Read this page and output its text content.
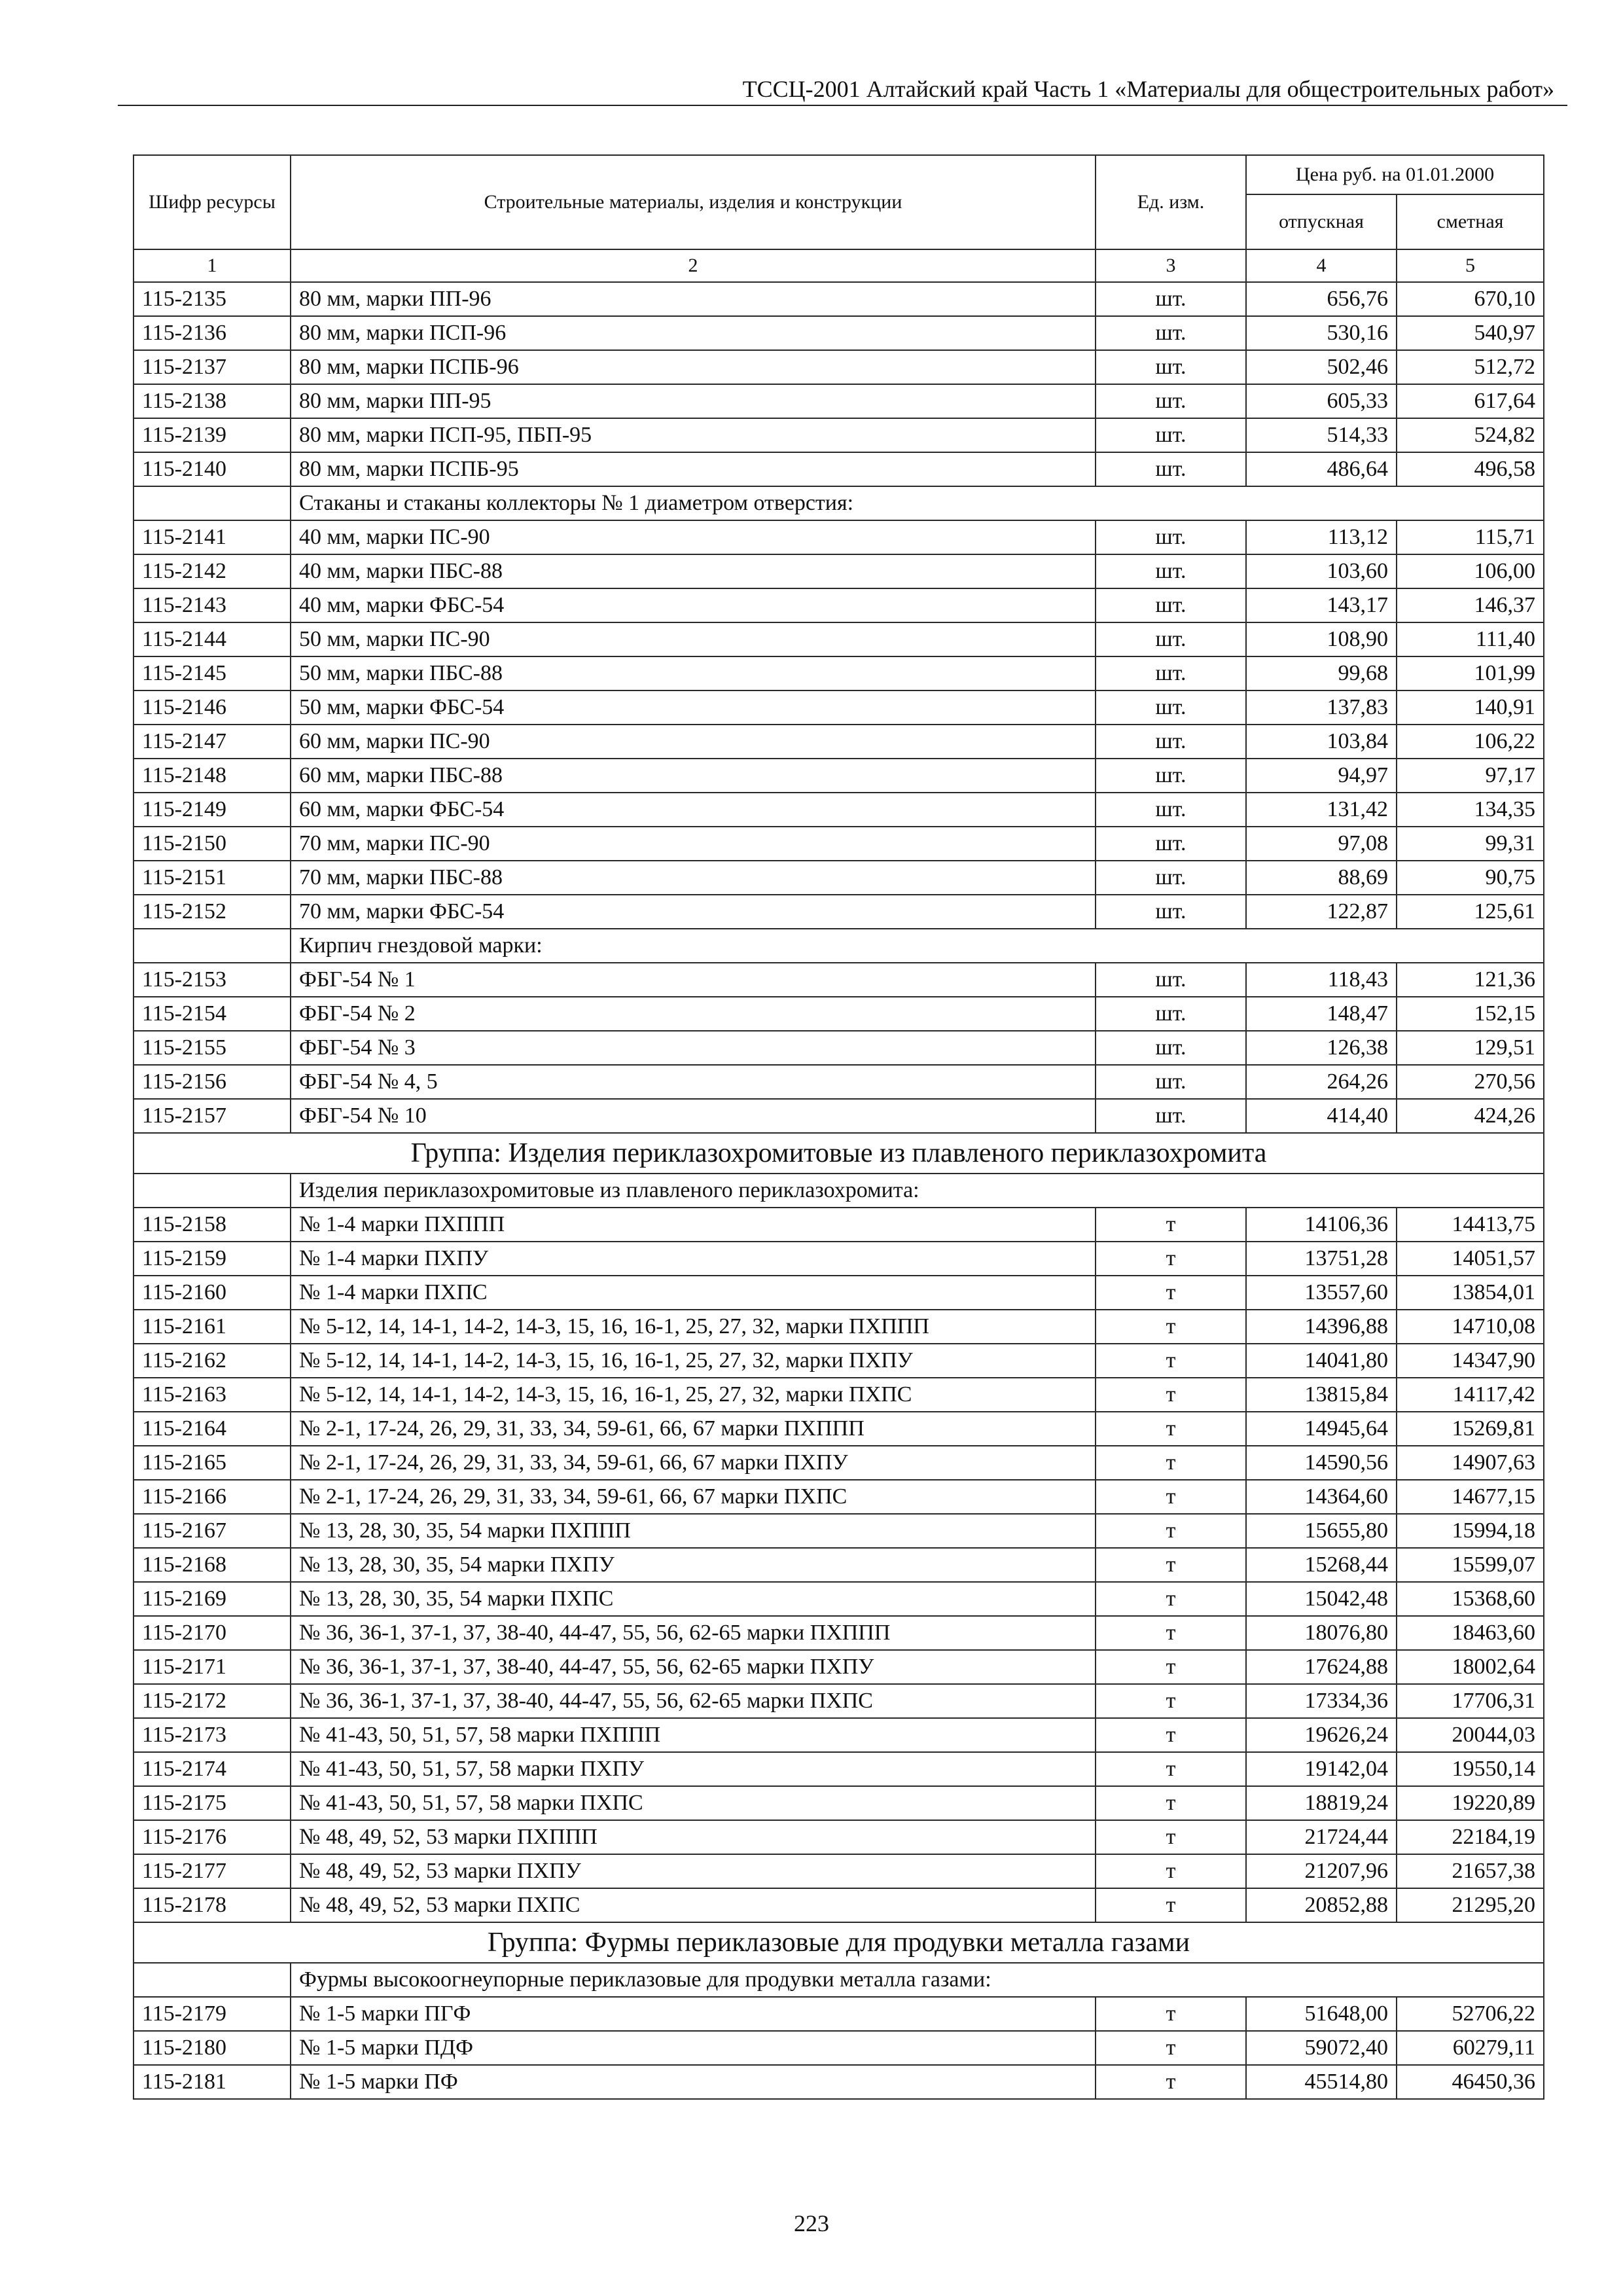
ТССЦ-2001 Алтайский край Часть 1 «Материалы для общестроительных работ»
Шифр ресурсы	Строительные материалы, изделия и конструкции	Ед. изм.	Цена руб. на 01.01.2000	
			отпускная	сметная
1	2	3	4	5
115-2135	80 мм, марки ПП-96	шт.	656,76	670,10
115-2136	80 мм, марки ПСП-96	шт.	530,16	540,97
115-2137	80 мм, марки ПСПБ-96	шт.	502,46	512,72
115-2138	80 мм, марки ПП-95	шт.	605,33	617,64
115-2139	80 мм, марки ПСП-95, ПБП-95	шт.	514,33	524,82
115-2140	80 мм, марки ПСПБ-95	шт.	486,64	496,58
	Стаканы и стаканы коллекторы № 1 диаметром отверстия:			
115-2141	40 мм, марки ПС-90	шт.	113,12	115,71
115-2142	40 мм, марки ПБС-88	шт.	103,60	106,00
115-2143	40 мм, марки ФБС-54	шт.	143,17	146,37
115-2144	50 мм, марки ПС-90	шт.	108,90	111,40
115-2145	50 мм, марки ПБС-88	шт.	99,68	101,99
115-2146	50 мм, марки ФБС-54	шт.	137,83	140,91
115-2147	60 мм, марки ПС-90	шт.	103,84	106,22
115-2148	60 мм, марки ПБС-88	шт.	94,97	97,17
115-2149	60 мм, марки ФБС-54	шт.	131,42	134,35
115-2150	70 мм, марки ПС-90	шт.	97,08	99,31
115-2151	70 мм, марки ПБС-88	шт.	88,69	90,75
115-2152	70 мм, марки ФБС-54	шт.	122,87	125,61
	Кирпич гнездовой марки:			
115-2153	ФБГ-54 № 1	шт.	118,43	121,36
115-2154	ФБГ-54 № 2	шт.	148,47	152,15
115-2155	ФБГ-54 № 3	шт.	126,38	129,51
115-2156	ФБГ-54 № 4, 5	шт.	264,26	270,56
115-2157	ФБГ-54 № 10	шт.	414,40	424,26
Группа: Изделия периклазохромитовые из плавленого периклазохромита				
	Изделия периклазохромитовые из плавленого периклазохромита:			
115-2158	№ 1-4 марки ПХППП	т	14106,36	14413,75
115-2159	№ 1-4 марки ПХПУ	т	13751,28	14051,57
115-2160	№ 1-4 марки ПХПС	т	13557,60	13854,01
115-2161	№ 5-12, 14, 14-1, 14-2, 14-3, 15, 16, 16-1, 25, 27, 32, марки ПХППП	т	14396,88	14710,08
115-2162	№ 5-12, 14, 14-1, 14-2, 14-3, 15, 16, 16-1, 25, 27, 32, марки ПХПУ	т	14041,80	14347,90
115-2163	№ 5-12, 14, 14-1, 14-2, 14-3, 15, 16, 16-1, 25, 27, 32, марки ПХПС	т	13815,84	14117,42
115-2164	№ 2-1, 17-24, 26, 29, 31, 33, 34, 59-61, 66, 67 марки ПХППП	т	14945,64	15269,81
115-2165	№ 2-1, 17-24, 26, 29, 31, 33, 34, 59-61, 66, 67 марки ПХПУ	т	14590,56	14907,63
115-2166	№ 2-1, 17-24, 26, 29, 31, 33, 34, 59-61, 66, 67 марки ПХПС	т	14364,60	14677,15
115-2167	№ 13, 28, 30, 35, 54 марки ПХППП	т	15655,80	15994,18
115-2168	№ 13, 28, 30, 35, 54 марки ПХПУ	т	15268,44	15599,07
115-2169	№ 13, 28, 30, 35, 54 марки ПХПС	т	15042,48	15368,60
115-2170	№ 36, 36-1, 37-1, 37, 38-40, 44-47, 55, 56, 62-65 марки ПХППП	т	18076,80	18463,60
115-2171	№ 36, 36-1, 37-1, 37, 38-40, 44-47, 55, 56, 62-65 марки ПХПУ	т	17624,88	18002,64
115-2172	№ 36, 36-1, 37-1, 37, 38-40, 44-47, 55, 56, 62-65 марки ПХПС	т	17334,36	17706,31
115-2173	№ 41-43, 50, 51, 57, 58 марки ПХППП	т	19626,24	20044,03
115-2174	№ 41-43, 50, 51, 57, 58 марки ПХПУ	т	19142,04	19550,14
115-2175	№ 41-43, 50, 51, 57, 58 марки ПХПС	т	18819,24	19220,89
115-2176	№ 48, 49, 52, 53 марки ПХППП	т	21724,44	22184,19
115-2177	№ 48, 49, 52, 53 марки ПХПУ	т	21207,96	21657,38
115-2178	№ 48, 49, 52, 53 марки ПХПС	т	20852,88	21295,20
Группа: Фурмы периклазовые для продувки металла газами				
	Фурмы высокоогнеупорные периклазовые для продувки металла газами:			
115-2179	№ 1-5 марки ПГФ	т	51648,00	52706,22
115-2180	№ 1-5 марки ПДФ	т	59072,40	60279,11
115-2181	№ 1-5 марки ПФ	т	45514,80	46450,36
223
